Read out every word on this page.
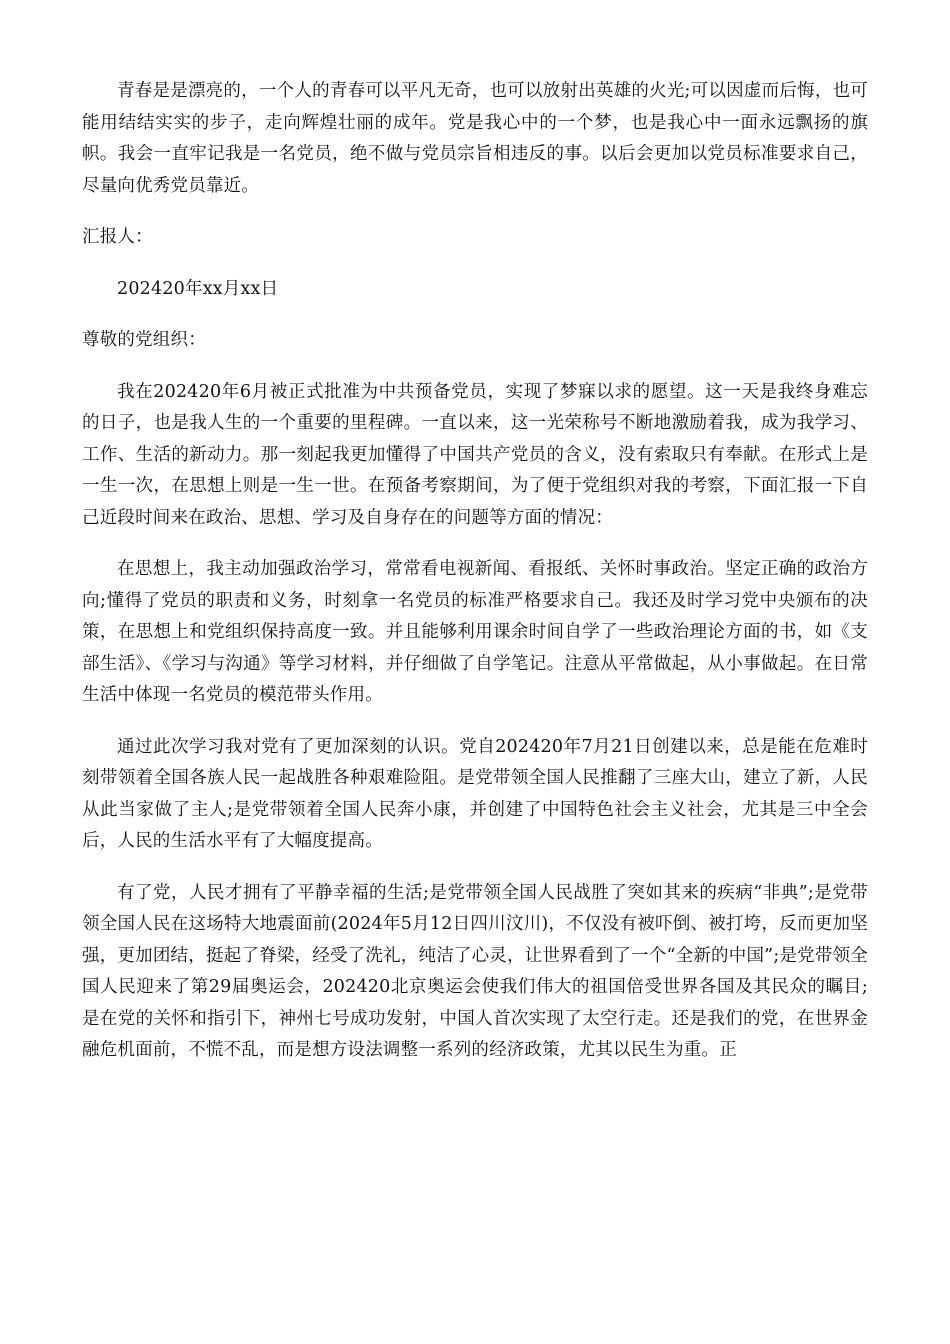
青春是是漂亮的，一个人的青春可以平凡无奇，也可以放射出英雄的火光;可以因虚而后悔，也可能用结结实实的步子，走向辉煌壮丽的成年。党是我心中的一个梦，也是我心中一面永远飘扬的旗帜。我会一直牢记我是一名党员，绝不做与党员宗旨相违反的事。以后会更加以党员标准要求自己，尽量向优秀党员靠近。

汇报人：

202420年xx月xx日

尊敬的党组织：

我在202420年6月被正式批准为中共预备党员，实现了梦寐以求的愿望。这一天是我终身难忘的日子，也是我人生的一个重要的里程碑。一直以来，这一光荣称号不断地激励着我，成为我学习、工作、生活的新动力。那一刻起我更加懂得了中国共产党员的含义，没有索取只有奉献。在形式上是一生一次，在思想上则是一生一世。在预备考察期间，为了便于党组织对我的考察，下面汇报一下自己近段时间来在政治、思想、学习及自身存在的问题等方面的情况：

在思想上，我主动加强政治学习，常常看电视新闻、看报纸、关怀时事政治。坚定正确的政治方向;懂得了党员的职责和义务，时刻拿一名党员的标准严格要求自己。我还及时学习党中央颁布的决策，在思想上和党组织保持高度一致。并且能够利用课余时间自学了一些政治理论方面的书，如《支部生活》、《学习与沟通》等学习材料，并仔细做了自学笔记。注意从平常做起，从小事做起。在日常生活中体现一名党员的模范带头作用。

通过此次学习我对党有了更加深刻的认识。党自202420年7月21日创建以来，总是能在危难时刻带领着全国各族人民一起战胜各种艰难险阻。是党带领全国人民推翻了三座大山，建立了新，人民从此当家做了主人;是党带领着全国人民奔小康，并创建了中国特色社会主义社会，尤其是三中全会后，人民的生活水平有了大幅度提高。

有了党，人民才拥有了平静幸福的生活;是党带领全国人民战胜了突如其来的疾病“非典”;是党带领全国人民在这场特大地震面前(2024年5月12日四川汶川)，不仅没有被吓倒、被打垮，反而更加坚强，更加团结，挺起了脊梁，经受了洗礼，纯洁了心灵，让世界看到了一个“全新的中国”;是党带领全国人民迎来了第29届奥运会，202420北京奥运会使我们伟大的祖国倍受世界各国及其民众的瞩目;是在党的关怀和指引下，神州七号成功发射，中国人首次实现了太空行走。还是我们的党，在世界金融危机面前，不慌不乱，而是想方设法调整一系列的经济政策，尤其以民生为重。正
